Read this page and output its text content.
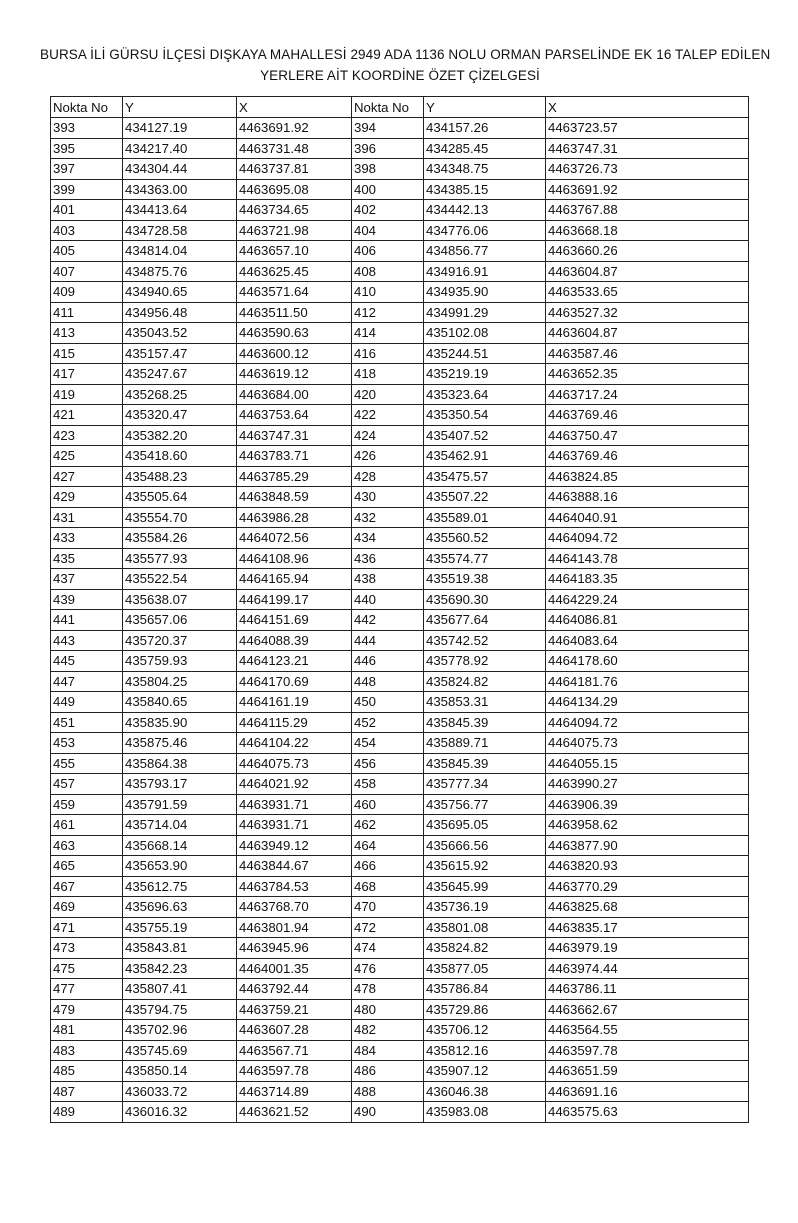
BURSA İLİ GÜRSU İLÇESİ DIŞKAYA MAHALLESİ 2949 ADA 1136 NOLU ORMAN PARSELİNDE EK 16 TALEP EDİLEN
YERLERE AİT KOORDİNE ÖZET ÇİZELGESİ
Nokta No	Y	X	Nokta No	Y	X
393	434127.19	4463691.92	394	434157.26	4463723.57
395	434217.40	4463731.48	396	434285.45	4463747.31
397	434304.44	4463737.81	398	434348.75	4463726.73
399	434363.00	4463695.08	400	434385.15	4463691.92
401	434413.64	4463734.65	402	434442.13	4463767.88
403	434728.58	4463721.98	404	434776.06	4463668.18
405	434814.04	4463657.10	406	434856.77	4463660.26
407	434875.76	4463625.45	408	434916.91	4463604.87
409	434940.65	4463571.64	410	434935.90	4463533.65
411	434956.48	4463511.50	412	434991.29	4463527.32
413	435043.52	4463590.63	414	435102.08	4463604.87
415	435157.47	4463600.12	416	435244.51	4463587.46
417	435247.67	4463619.12	418	435219.19	4463652.35
419	435268.25	4463684.00	420	435323.64	4463717.24
421	435320.47	4463753.64	422	435350.54	4463769.46
423	435382.20	4463747.31	424	435407.52	4463750.47
425	435418.60	4463783.71	426	435462.91	4463769.46
427	435488.23	4463785.29	428	435475.57	4463824.85
429	435505.64	4463848.59	430	435507.22	4463888.16
431	435554.70	4463986.28	432	435589.01	4464040.91
433	435584.26	4464072.56	434	435560.52	4464094.72
435	435577.93	4464108.96	436	435574.77	4464143.78
437	435522.54	4464165.94	438	435519.38	4464183.35
439	435638.07	4464199.17	440	435690.30	4464229.24
441	435657.06	4464151.69	442	435677.64	4464086.81
443	435720.37	4464088.39	444	435742.52	4464083.64
445	435759.93	4464123.21	446	435778.92	4464178.60
447	435804.25	4464170.69	448	435824.82	4464181.76
449	435840.65	4464161.19	450	435853.31	4464134.29
451	435835.90	4464115.29	452	435845.39	4464094.72
453	435875.46	4464104.22	454	435889.71	4464075.73
455	435864.38	4464075.73	456	435845.39	4464055.15
457	435793.17	4464021.92	458	435777.34	4463990.27
459	435791.59	4463931.71	460	435756.77	4463906.39
461	435714.04	4463931.71	462	435695.05	4463958.62
463	435668.14	4463949.12	464	435666.56	4463877.90
465	435653.90	4463844.67	466	435615.92	4463820.93
467	435612.75	4463784.53	468	435645.99	4463770.29
469	435696.63	4463768.70	470	435736.19	4463825.68
471	435755.19	4463801.94	472	435801.08	4463835.17
473	435843.81	4463945.96	474	435824.82	4463979.19
475	435842.23	4464001.35	476	435877.05	4463974.44
477	435807.41	4463792.44	478	435786.84	4463786.11
479	435794.75	4463759.21	480	435729.86	4463662.67
481	435702.96	4463607.28	482	435706.12	4463564.55
483	435745.69	4463567.71	484	435812.16	4463597.78
485	435850.14	4463597.78	486	435907.12	4463651.59
487	436033.72	4463714.89	488	436046.38	4463691.16
489	436016.32	4463621.52	490	435983.08	4463575.63
